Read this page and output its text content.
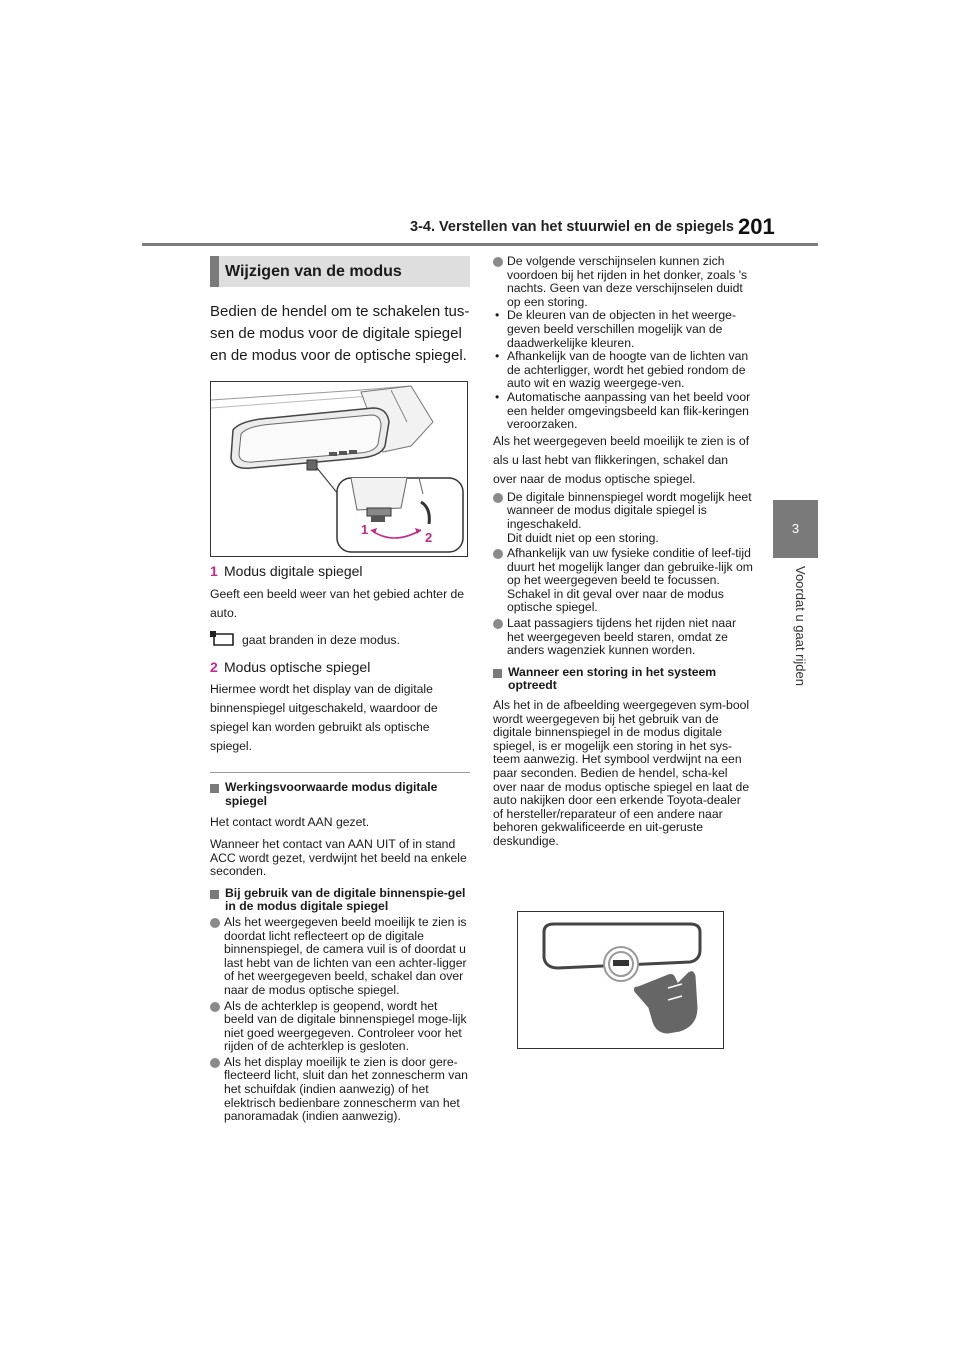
3-4. Verstellen van het stuurwiel en de spiegels 201
3
Voordat u gaat rijden
Wijzigen van de modus

Bedien de hendel om te schakelen tus-sen de modus voor de digitale spiegel en de modus voor de optische spiegel.

1
2

1 Modus digitale spiegel

Geeft een beeld weer van het gebied achter de auto.

gaat branden in deze modus.

2 Modus optische spiegel

Hiermee wordt het display van de digitale binnenspiegel uitgeschakeld, waardoor de spiegel kan worden gebruikt als optische spiegel.

Werkingsvoorwaarde modus digitale spiegel

Het contact wordt AAN gezet.

Wanneer het contact van AAN UIT of in stand ACC wordt gezet, verdwijnt het beeld na enkele seconden.

Bij gebruik van de digitale binnenspie-gel in de modus digitale spiegel

Als het weergegeven beeld moeilijk te zien is doordat licht reflecteert op de digitale binnenspiegel, de camera vuil is of doordat u last hebt van de lichten van een achter-ligger of het weergegeven beeld, schakel dan over naar de modus optische spiegel.

Als de achterklep is geopend, wordt het beeld van de digitale binnenspiegel moge-lijk niet goed weergegeven. Controleer voor het rijden of de achterklep is gesloten.

Als het display moeilijk te zien is door gere-flecteerd licht, sluit dan het zonnescherm van het schuifdak (indien aanwezig) of het elektrisch bedienbare zonnescherm van het panoramadak (indien aanwezig).

De volgende verschijnselen kunnen zich voordoen bij het rijden in het donker, zoals 's nachts. Geen van deze verschijnselen duidt op een storing.

• De kleuren van de objecten in het weerge-geven beeld verschillen mogelijk van de daadwerkelijke kleuren.

• Afhankelijk van de hoogte van de lichten van de achterligger, wordt het gebied rondom de auto wit en wazig weergege-ven.

• Automatische aanpassing van het beeld voor een helder omgevingsbeeld kan flik-keringen veroorzaken.

Als het weergegeven beeld moeilijk te zien is of als u last hebt van flikkeringen, schakel dan over naar de modus optische spiegel.

De digitale binnenspiegel wordt mogelijk heet wanneer de modus digitale spiegel is ingeschakeld.
Dit duidt niet op een storing.

Afhankelijk van uw fysieke conditie of leef-tijd duurt het mogelijk langer dan gebruike-lijk om op het weergegeven beeld te focussen. Schakel in dit geval over naar de modus optische spiegel.

Laat passagiers tijdens het rijden niet naar het weergegeven beeld staren, omdat ze anders wagenziek kunnen worden.

Wanneer een storing in het systeem optreedt

Als het in de afbeelding weergegeven sym-bool wordt weergegeven bij het gebruik van de digitale binnenspiegel in de modus digitale spiegel, is er mogelijk een storing in het sys-teem aanwezig. Het symbool verdwijnt na een paar seconden. Bedien de hendel, scha-kel over naar de modus optische spiegel en laat de auto nakijken door een erkende Toyota-dealer of hersteller/reparateur of een andere naar behoren gekwalificeerde en uit-geruste deskundige.
